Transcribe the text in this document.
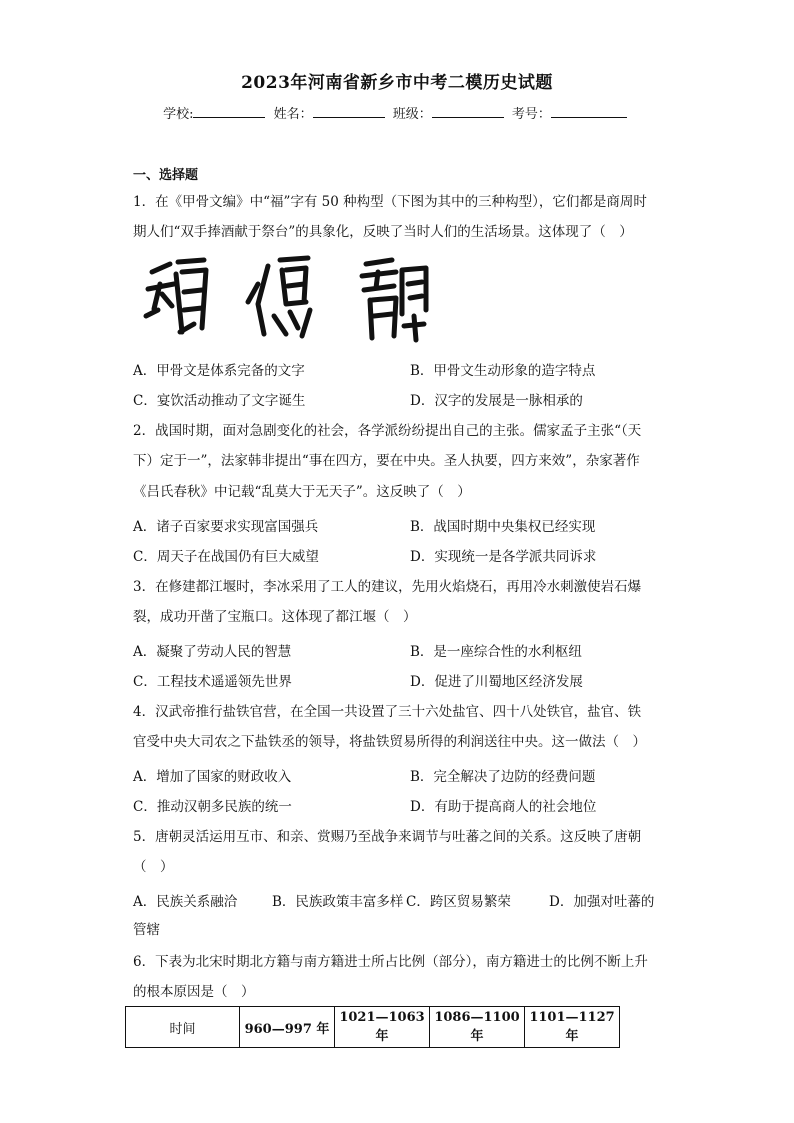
2023年河南省新乡市中考二模历史试题
学校:	姓名：	班级：	考号：
一、选择题
1．在《甲骨文编》中“福”字有 50 种构型（下图为其中的三种构型），它们都是商周时
期人们“双手捧酒献于祭台”的具象化，反映了当时人们的生活场景。这体现了（　）
A．甲骨文是体系完备的文字	B．甲骨文生动形象的造字特点
C．宴饮活动推动了文字诞生	D．汉字的发展是一脉相承的
2．战国时期，面对急剧变化的社会，各学派纷纷提出自己的主张。儒家孟子主张“（天
下）定于一”，法家韩非提出“事在四方，要在中央。圣人执要，四方来效”，杂家著作
《吕氏春秋》中记载“乱莫大于无天子”。这反映了（　）
A．诸子百家要求实现富国强兵	B．战国时期中央集权已经实现
C．周天子在战国仍有巨大威望	D．实现统一是各学派共同诉求
3．在修建都江堰时，李冰采用了工人的建议，先用火焰烧石，再用冷水刺激使岩石爆
裂，成功开凿了宝瓶口。这体现了都江堰（　）
A．凝聚了劳动人民的智慧	B．是一座综合性的水利枢纽
C．工程技术遥遥领先世界	D．促进了川蜀地区经济发展
4．汉武帝推行盐铁官营，在全国一共设置了三十六处盐官、四十八处铁官，盐官、铁
官受中央大司农之下盐铁丞的领导，将盐铁贸易所得的利润送往中央。这一做法（　）
A．增加了国家的财政收入	B．完全解决了边防的经费问题
C．推动汉朝多民族的统一	D．有助于提高商人的社会地位
5．唐朝灵活运用互市、和亲、赏赐乃至战争来调节与吐蕃之间的关系。这反映了唐朝
（　）
A．民族关系融洽	B．民族政策丰富多样 C．跨区贸易繁荣	D．加强对吐蕃的
管辖
6．下表为北宋时期北方籍与南方籍进士所占比例（部分），南方籍进士的比例不断上升
的根本原因是（　）
时间	960—997 年	1021—1063 年	1086—1100 年	1101—1127 年
